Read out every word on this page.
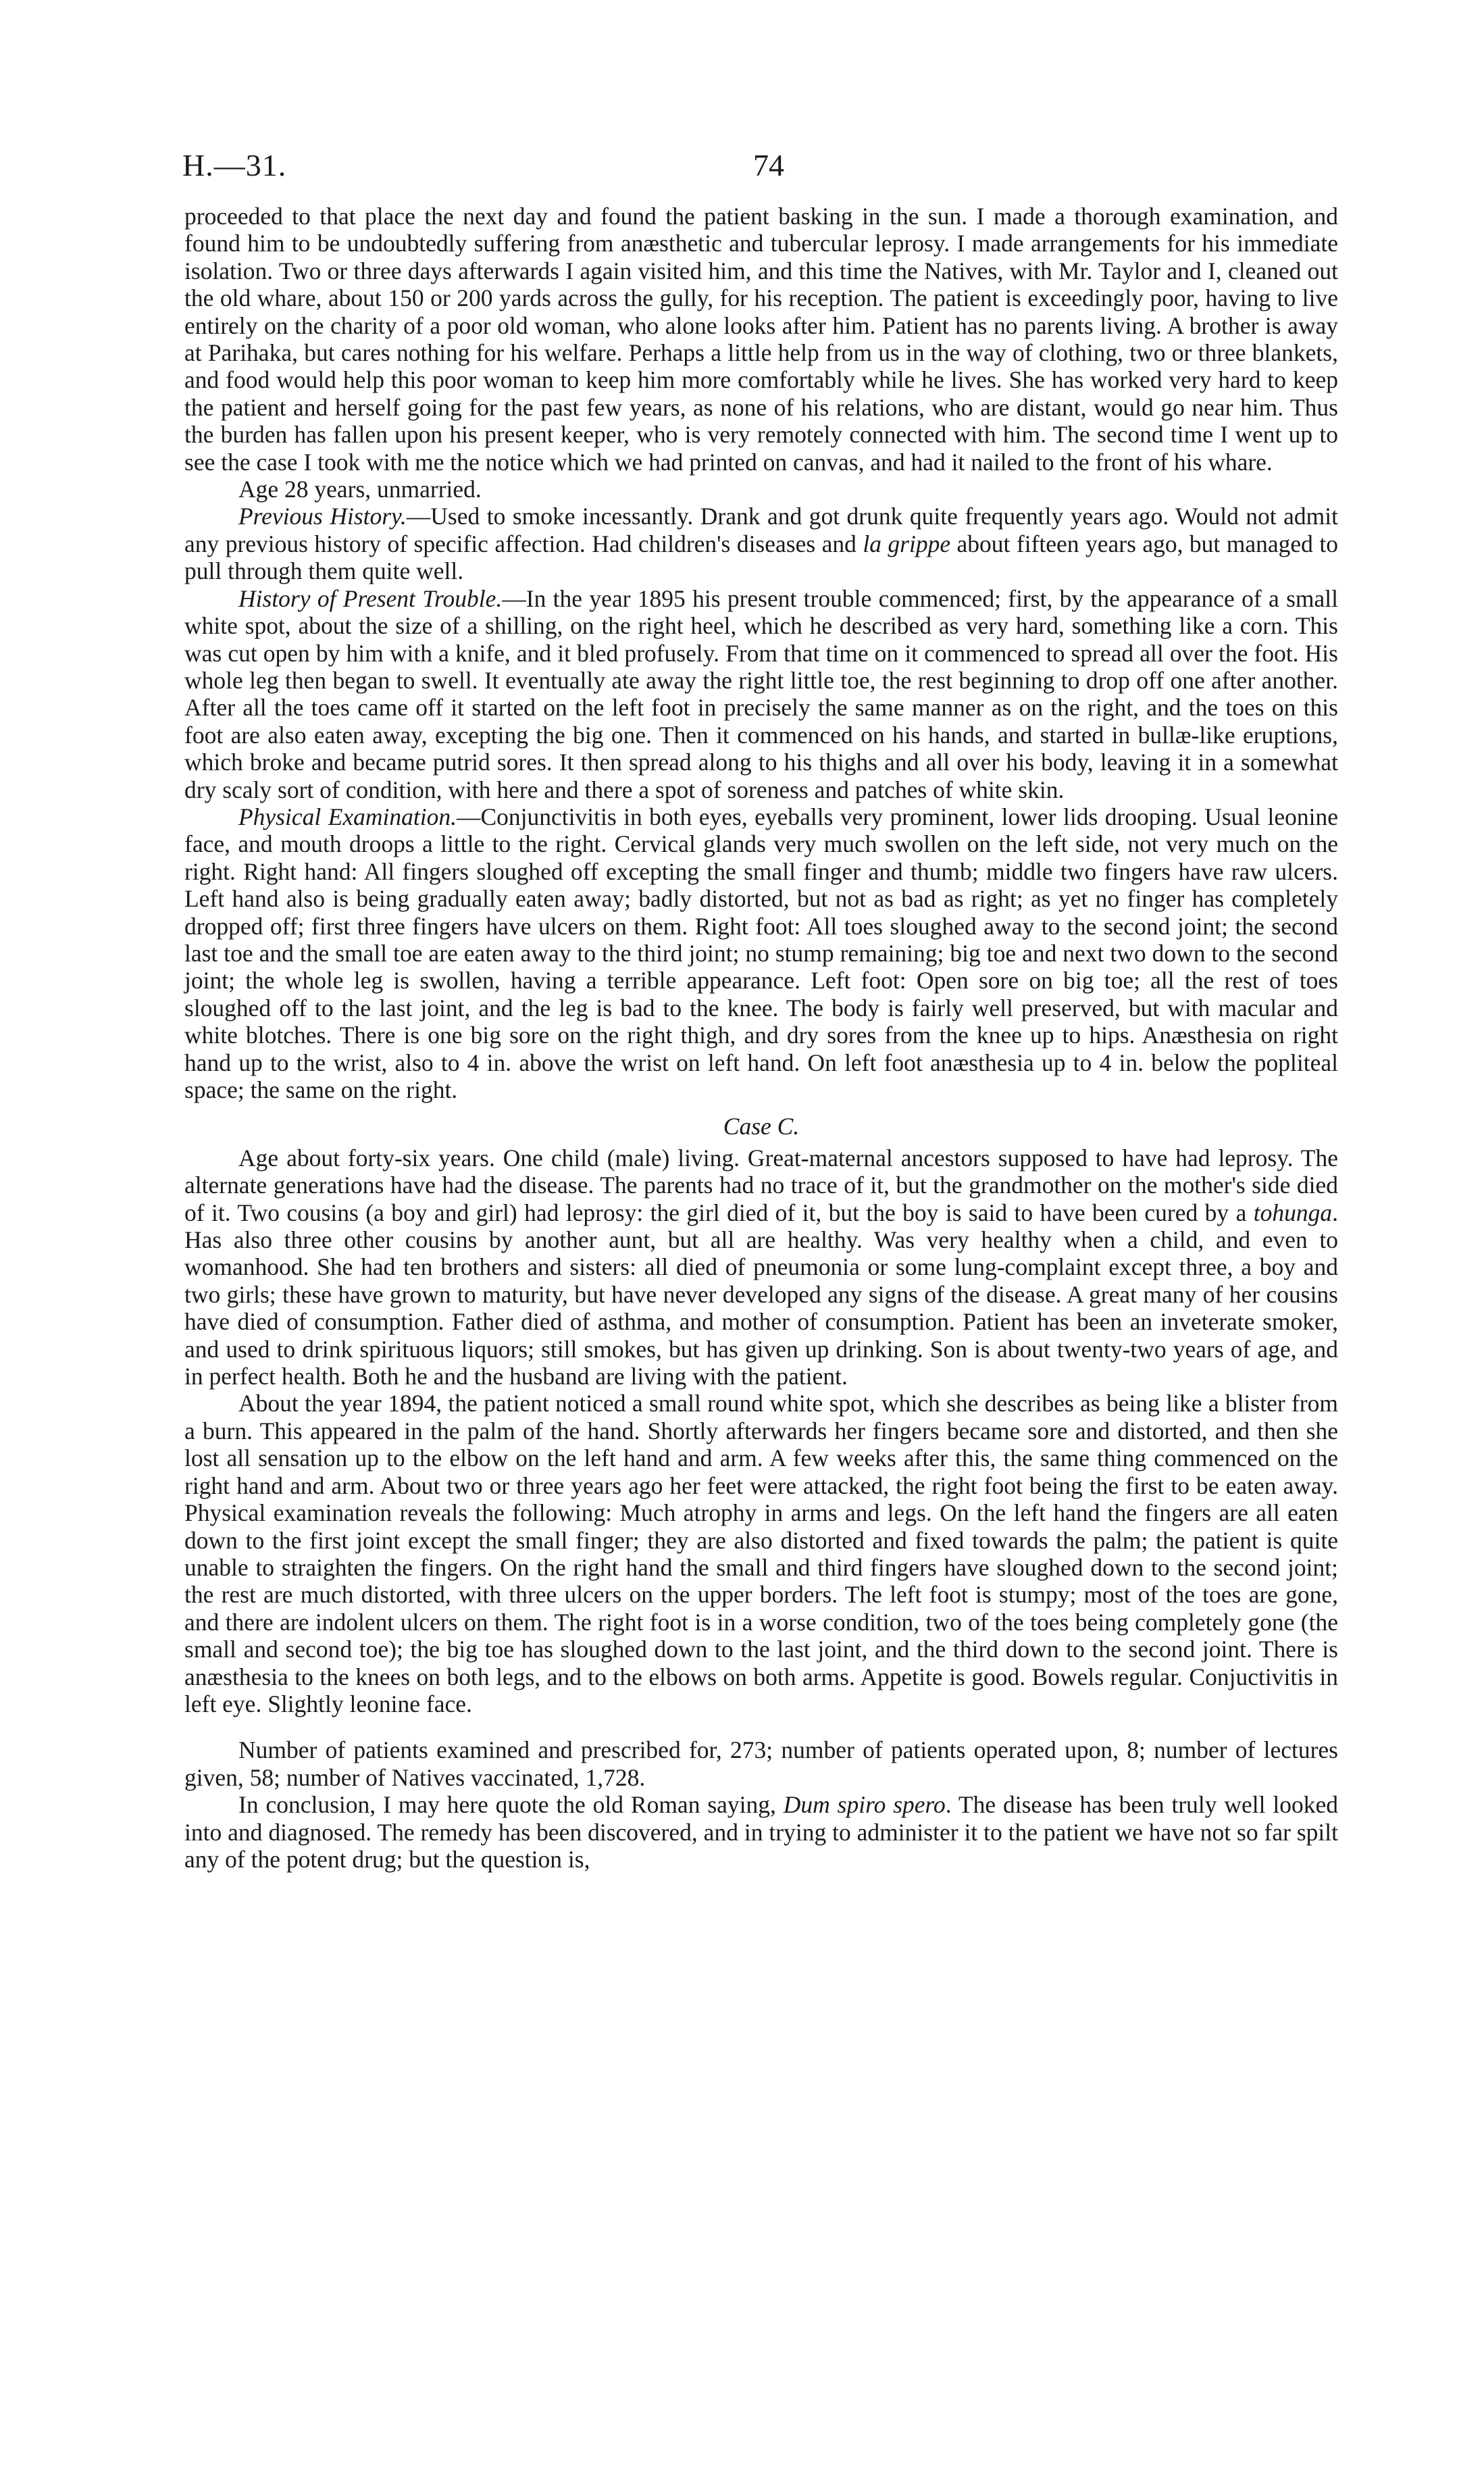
H.—31.	74

proceeded to that place the next day and found the patient basking in the sun. I made a thorough examination, and found him to be undoubtedly suffering from anæsthetic and tubercular leprosy. I made arrangements for his immediate isolation. Two or three days afterwards I again visited him, and this time the Natives, with Mr. Taylor and I, cleaned out the old whare, about 150 or 200 yards across the gully, for his reception. The patient is exceedingly poor, having to live entirely on the charity of a poor old woman, who alone looks after him. Patient has no parents living. A brother is away at Parihaka, but cares nothing for his welfare. Perhaps a little help from us in the way of clothing, two or three blankets, and food would help this poor woman to keep him more comfortably while he lives. She has worked very hard to keep the patient and herself going for the past few years, as none of his relations, who are distant, would go near him. Thus the burden has fallen upon his present keeper, who is very remotely connected with him. The second time I went up to see the case I took with me the notice which we had printed on canvas, and had it nailed to the front of his whare.

Age 28 years, unmarried.

Previous History.—Used to smoke incessantly. Drank and got drunk quite frequently years ago. Would not admit any previous history of specific affection. Had children's diseases and la grippe about fifteen years ago, but managed to pull through them quite well.

History of Present Trouble.—In the year 1895 his present trouble commenced; first, by the appearance of a small white spot, about the size of a shilling, on the right heel, which he described as very hard, something like a corn. This was cut open by him with a knife, and it bled profusely. From that time on it commenced to spread all over the foot. His whole leg then began to swell. It eventually ate away the right little toe, the rest beginning to drop off one after another. After all the toes came off it started on the left foot in precisely the same manner as on the right, and the toes on this foot are also eaten away, excepting the big one. Then it commenced on his hands, and started in bullæ-like eruptions, which broke and became putrid sores. It then spread along to his thighs and all over his body, leaving it in a somewhat dry scaly sort of condition, with here and there a spot of soreness and patches of white skin.

Physical Examination.—Conjunctivitis in both eyes, eyeballs very prominent, lower lids drooping. Usual leonine face, and mouth droops a little to the right. Cervical glands very much swollen on the left side, not very much on the right. Right hand: All fingers sloughed off excepting the small finger and thumb; middle two fingers have raw ulcers. Left hand also is being gradually eaten away; badly distorted, but not as bad as right; as yet no finger has completely dropped off; first three fingers have ulcers on them. Right foot: All toes sloughed away to the second joint; the second last toe and the small toe are eaten away to the third joint; no stump remaining; big toe and next two down to the second joint; the whole leg is swollen, having a terrible appearance. Left foot: Open sore on big toe; all the rest of toes sloughed off to the last joint, and the leg is bad to the knee. The body is fairly well preserved, but with macular and white blotches. There is one big sore on the right thigh, and dry sores from the knee up to hips. Anæsthesia on right hand up to the wrist, also to 4 in. above the wrist on left hand. On left foot anæsthesia up to 4 in. below the popliteal space; the same on the right.

Case C.

Age about forty-six years. One child (male) living. Great-maternal ancestors supposed to have had leprosy. The alternate generations have had the disease. The parents had no trace of it, but the grandmother on the mother's side died of it. Two cousins (a boy and girl) had leprosy: the girl died of it, but the boy is said to have been cured by a tohunga. Has also three other cousins by another aunt, but all are healthy. Was very healthy when a child, and even to womanhood. She had ten brothers and sisters: all died of pneumonia or some lung-complaint except three, a boy and two girls; these have grown to maturity, but have never developed any signs of the disease. A great many of her cousins have died of consumption. Father died of asthma, and mother of consumption. Patient has been an inveterate smoker, and used to drink spirituous liquors; still smokes, but has given up drinking. Son is about twenty-two years of age, and in perfect health. Both he and the husband are living with the patient.

About the year 1894, the patient noticed a small round white spot, which she describes as being like a blister from a burn. This appeared in the palm of the hand. Shortly afterwards her fingers became sore and distorted, and then she lost all sensation up to the elbow on the left hand and arm. A few weeks after this, the same thing commenced on the right hand and arm. About two or three years ago her feet were attacked, the right foot being the first to be eaten away. Physical examination reveals the following: Much atrophy in arms and legs. On the left hand the fingers are all eaten down to the first joint except the small finger; they are also distorted and fixed towards the palm; the patient is quite unable to straighten the fingers. On the right hand the small and third fingers have sloughed down to the second joint; the rest are much distorted, with three ulcers on the upper borders. The left foot is stumpy; most of the toes are gone, and there are indolent ulcers on them. The right foot is in a worse condition, two of the toes being completely gone (the small and second toe); the big toe has sloughed down to the last joint, and the third down to the second joint. There is anæsthesia to the knees on both legs, and to the elbows on both arms. Appetite is good. Bowels regular. Conjuctivitis in left eye. Slightly leonine face.

Number of patients examined and prescribed for, 273; number of patients operated upon, 8; number of lectures given, 58; number of Natives vaccinated, 1,728.

In conclusion, I may here quote the old Roman saying, Dum spiro spero. The disease has been truly well looked into and diagnosed. The remedy has been discovered, and in trying to administer it to the patient we have not so far spilt any of the potent drug; but the question is,
